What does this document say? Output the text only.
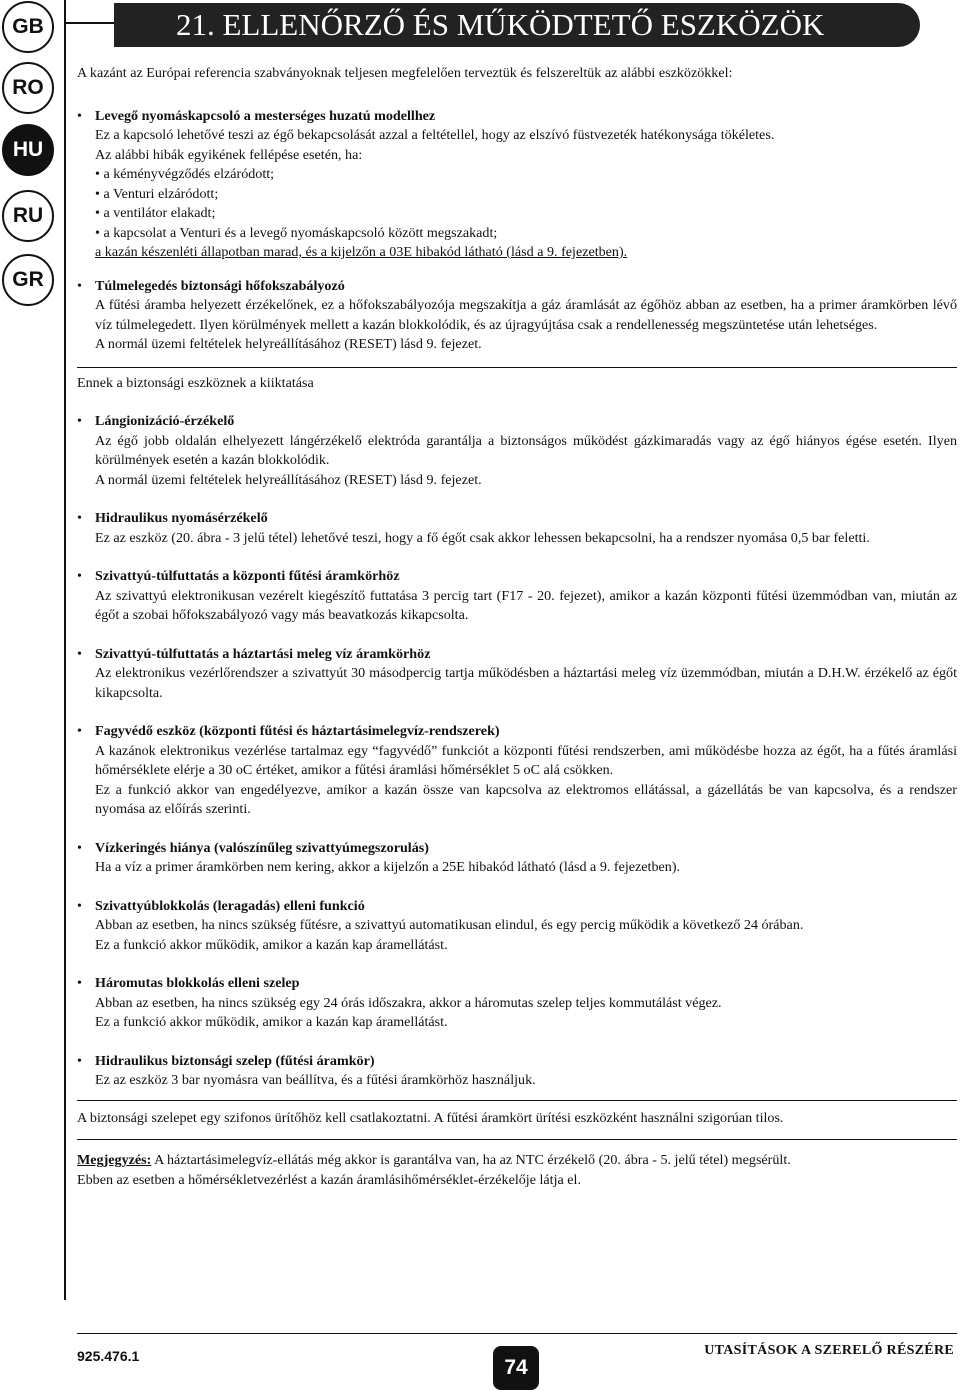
GB
RO
HU
RU
GR
21. ELLENŐRZŐ ÉS MŰKÖDTETŐ ESZKÖZÖK

A kazánt az Európai referencia szabványoknak teljesen megfelelően terveztük és felszereltük az alábbi eszközökkel:

• Levegő nyomáskapcsoló a mesterséges huzatú modellhez

Ez a kapcsoló lehetővé teszi az égő bekapcsolását azzal a feltétellel, hogy az elszívó füstvezeték hatékonysága tökéletes.

Az alábbi hibák egyikének fellépése esetén, ha:

• a kéményvégződés elzáródott;

• a Venturi elzáródott;

• a ventilátor elakadt;

• a kapcsolat a Venturi és a levegő nyomáskapcsoló között megszakadt;

a kazán készenléti állapotban marad, és a kijelzőn a 03E hibakód látható (lásd a 9. fejezetben).

• Túlmelegedés biztonsági hőfokszabályozó

A fűtési áramba helyezett érzékelőnek, ez a hőfokszabályozója megszakítja a gáz áramlását az égőhöz abban az esetben, ha a primer áramkörben lévő víz túlmelegedett. Ilyen körülmények mellett a kazán blokkolódik, és az újragyújtása csak a rendellenesség megszüntetése után lehetséges.

A normál üzemi feltételek helyreállításához (RESET) lásd 9. fejezet.

Ennek a biztonsági eszköznek a kiiktatása

• Lángionizáció-érzékelő

Az égő jobb oldalán elhelyezett lángérzékelő elektróda garantálja a biztonságos működést gázkimaradás vagy az égő hiányos égése esetén. Ilyen körülmények esetén a kazán blokkolódik.

A normál üzemi feltételek helyreállításához (RESET) lásd 9. fejezet.

• Hidraulikus nyomásérzékelő

Ez az eszköz (20. ábra - 3 jelű tétel) lehetővé teszi, hogy a fő égőt csak akkor lehessen bekapcsolni, ha a rendszer nyomása 0,5 bar feletti.

• Szivattyú-túlfuttatás a központi fűtési áramkörhöz

Az szivattyú elektronikusan vezérelt kiegészítő futtatása 3 percig tart (F17 - 20. fejezet), amikor a kazán központi fűtési üzemmódban van, miután az égőt a szobai hőfokszabályozó vagy más beavatkozás kikapcsolta.

• Szivattyú-túlfuttatás a háztartási meleg víz áramkörhöz

Az elektronikus vezérlőrendszer a szivattyút 30 másodpercig tartja működésben a háztartási meleg víz üzemmódban, miután a D.H.W. érzékelő az égőt kikapcsolta.

• Fagyvédő eszköz (központi fűtési és háztartásimelegvíz-rendszerek)

A kazánok elektronikus vezérlése tartalmaz egy “fagyvédő” funkciót a központi fűtési rendszerben, ami működésbe hozza az égőt, ha a fűtés áramlási hőmérséklete elérje a 30 oC értéket, amikor a fűtési áramlási hőmérséklet 5 oC alá csökken.

Ez a funkció akkor van engedélyezve, amikor a kazán össze van kapcsolva az elektromos ellátással, a gázellátás be van kapcsolva, és a rendszer nyomása az előírás szerinti.

• Vízkeringés hiánya (valószínűleg szivattyúmegszorulás)

Ha a víz a primer áramkörben nem kering, akkor a kijelzőn a 25E hibakód látható (lásd a 9. fejezetben).

• Szivattyúblokkolás (leragadás) elleni funkció

Abban az esetben, ha nincs szükség fűtésre, a szivattyú automatikusan elindul, és egy percig működik a következő 24 órában.

Ez a funkció akkor működik, amikor a kazán kap áramellátást.

• Háromutas blokkolás elleni szelep

Abban az esetben, ha nincs szükség egy 24 órás időszakra, akkor a háromutas szelep teljes kommutálást végez.

Ez a funkció akkor működik, amikor a kazán kap áramellátást.

• Hidraulikus biztonsági szelep (fűtési áramkör)

Ez az eszköz 3 bar nyomásra van beállítva, és a fűtési áramkörhöz használjuk.

A biztonsági szelepet egy szifonos ürítőhöz kell csatlakoztatni. A fűtési áramkört ürítési eszközként használni szigorúan tilos.

Megjegyzés: A háztartásimelegvíz-ellátás még akkor is garantálva van, ha az NTC érzékelő (20. ábra - 5. jelű tétel) megsérült.

Ebben az esetben a hőmérsékletvezérlést a kazán áramlásihőmérséklet-érzékelője látja el.

925.476.1	74
UTASÍTÁSOK A SZERELŐ RÉSZÉRE
